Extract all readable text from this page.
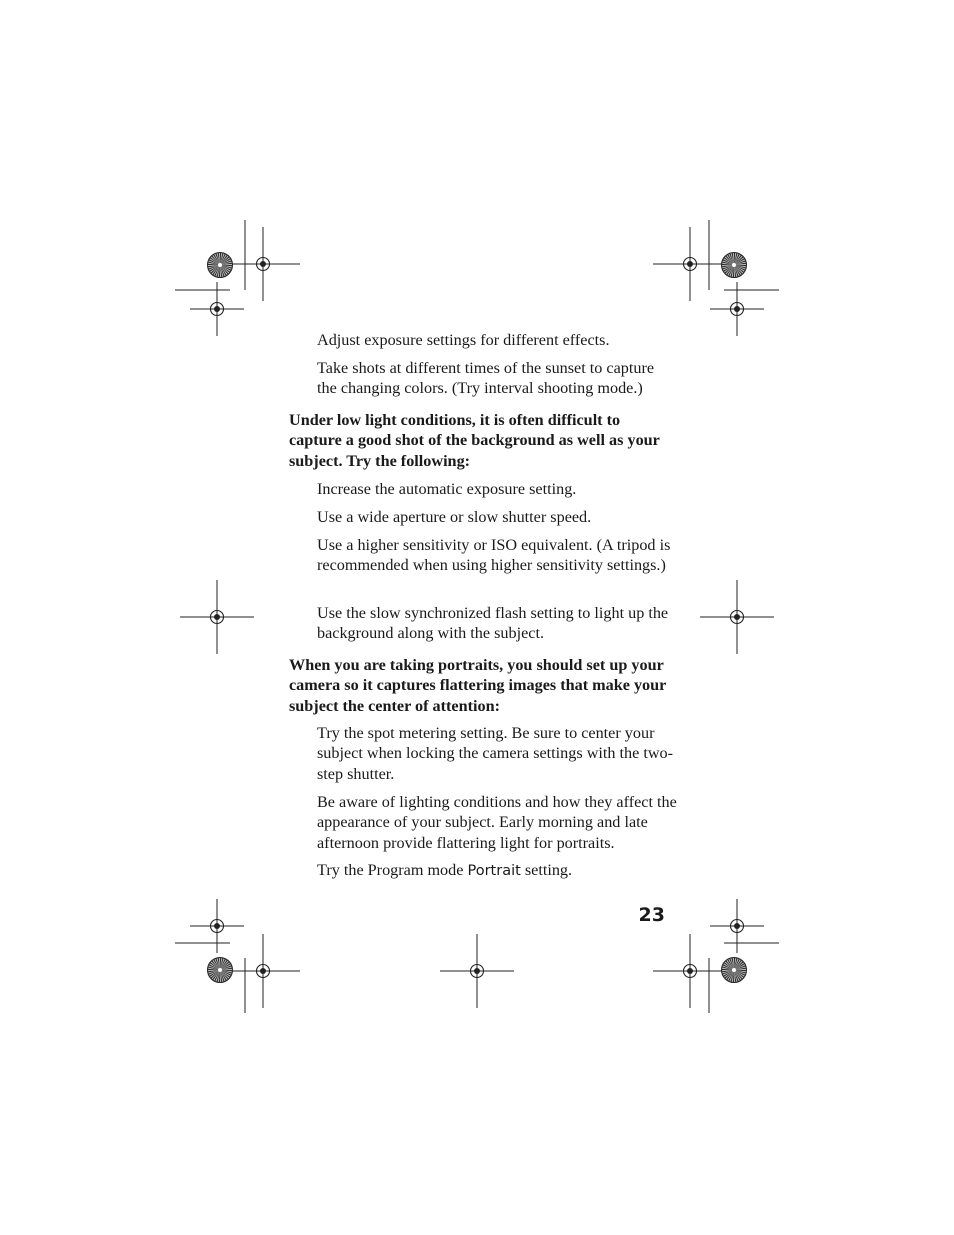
Adjust exposure settings for different effects.
Take shots at different times of the sunset to capture the changing colors. (Try interval shooting mode.)
Under low light conditions, it is often difficult to capture a good shot of the background as well as your subject. Try the following:
Increase the automatic exposure setting.
Use a wide aperture or slow shutter speed.
Use a higher sensitivity or ISO equivalent. (A tripod is recommended when using higher sensitivity settings.)
Use the slow synchronized flash setting to light up the background along with the subject.
When you are taking portraits, you should set up your camera so it captures flattering images that make your subject the center of attention:
Try the spot metering setting. Be sure to center your subject when locking the camera settings with the two-step shutter.
Be aware of lighting conditions and how they affect the appearance of your subject. Early morning and late afternoon provide flattering light for portraits.
Try the Program mode Portrait setting.
23
